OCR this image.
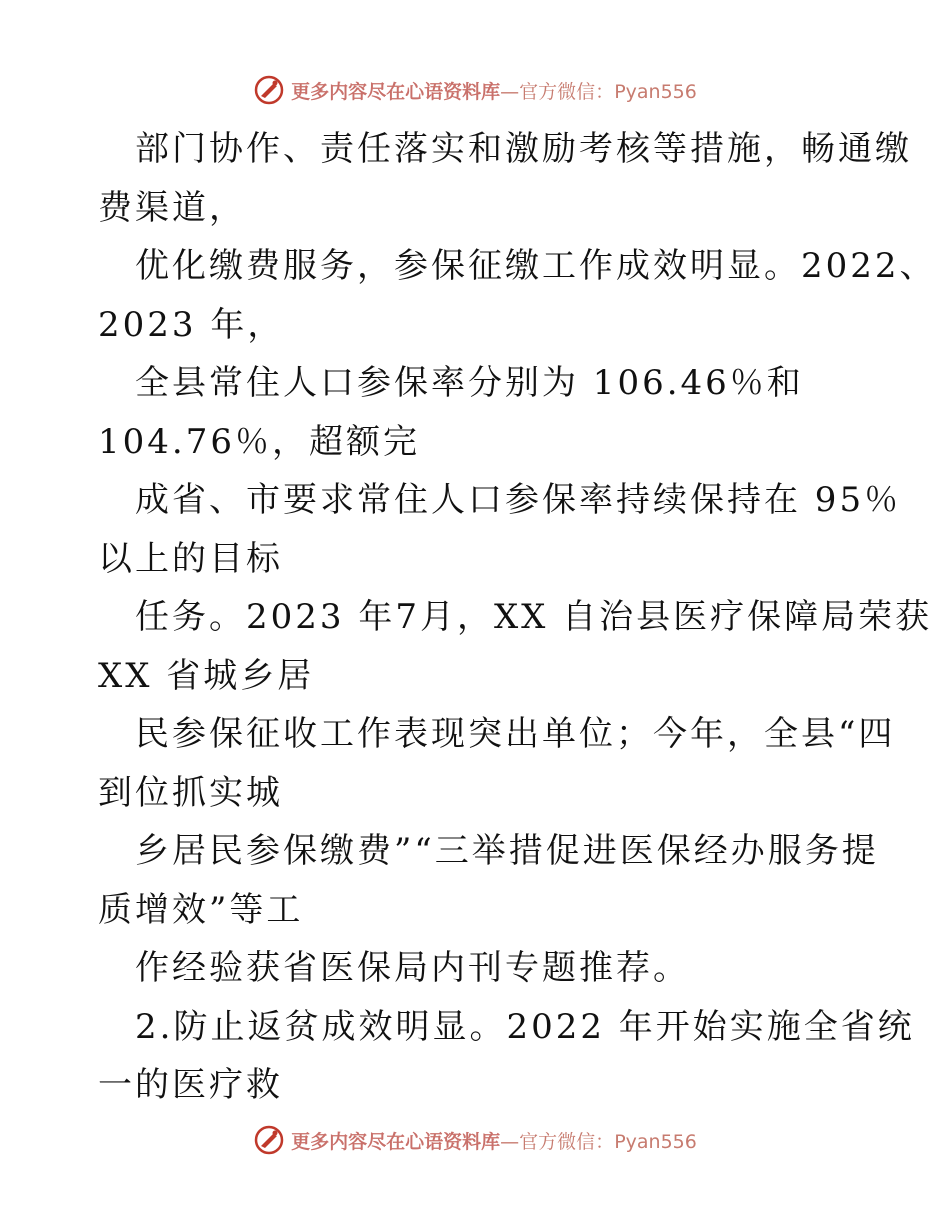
更多内容尽在心语资料库—官方微信：Pyan556
部门协作、责任落实和激励考核等措施，畅通缴
费渠道，
优化缴费服务，参保征缴工作成效明显。2022、
2023 年，
全县常住人口参保率分别为 106.46％和
104.76％，超额完
成省、市要求常住人口参保率持续保持在 95％
以上的目标
任务。2023 年7月，XX 自治县医疗保障局荣获
XX 省城乡居
民参保征收工作表现突出单位；今年，全县“四
到位抓实城
乡居民参保缴费”“三举措促进医保经办服务提
质增效”等工
作经验获省医保局内刊专题推荐。
2.防止返贫成效明显。2022 年开始实施全省统
一的医疗救
更多内容尽在心语资料库—官方微信：Pyan556
